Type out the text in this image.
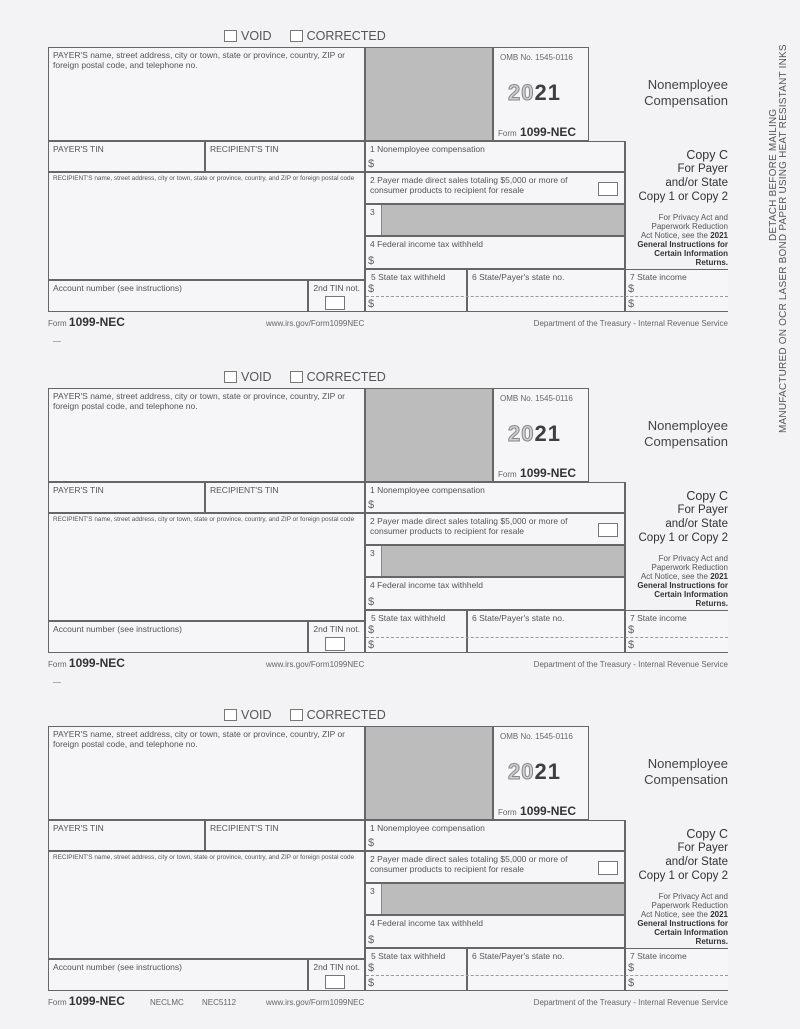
DETACH BEFORE MAILING MANUFACTURED ON OCR LASER BOND PAPER USING HEAT RESISTANT INKS
VOID	CORRECTED
PAYER'S name, street address, city or town, state or province, country, ZIP or foreign postal code, and telephone no.
OMB No. 1545-0116
2021
Form 1099-NEC
Nonemployee
Compensation
PAYER'S TIN	RECIPIENT'S TIN	1 Nonemployee compensation
$
RECIPIENT'S name, street address, city or town, state or province, country, and ZIP or foreign postal code	2 Payer made direct sales totaling $5,000 or more of consumer products to recipient for resale
3
4 Federal income tax withheld
$
Copy C
For Payer
and/or State
Copy 1 or Copy 2
For Privacy Act and
Paperwork Reduction
Act Notice, see the 2021
General Instructions for
Certain Information
Returns.
Account number (see instructions)	2nd TIN not.
5 State tax withheld
$
$
6 State/Payer's state no.	7 State income
$
$
Form 1099-NEC	www.irs.gov/Form1099NEC	Department of the Treasury - Internal Revenue Service
VOID	CORRECTED
PAYER'S name, street address, city or town, state or province, country, ZIP or foreign postal code, and telephone no.
OMB No. 1545-0116
2021
Form 1099-NEC
Nonemployee
Compensation
PAYER'S TIN	RECIPIENT'S TIN	1 Nonemployee compensation
$
RECIPIENT'S name, street address, city or town, state or province, country, and ZIP or foreign postal code	2 Payer made direct sales totaling $5,000 or more of consumer products to recipient for resale
3
4 Federal income tax withheld
$
Copy C
For Payer
and/or State
Copy 1 or Copy 2
For Privacy Act and
Paperwork Reduction
Act Notice, see the 2021
General Instructions for
Certain Information
Returns.
Account number (see instructions)	2nd TIN not.
5 State tax withheld
$
$
6 State/Payer's state no.	7 State income
$
$
Form 1099-NEC	www.irs.gov/Form1099NEC	Department of the Treasury - Internal Revenue Service
VOID	CORRECTED
PAYER'S name, street address, city or town, state or province, country, ZIP or foreign postal code, and telephone no.
OMB No. 1545-0116
2021
Form 1099-NEC
Nonemployee
Compensation
PAYER'S TIN	RECIPIENT'S TIN	1 Nonemployee compensation
$
RECIPIENT'S name, street address, city or town, state or province, country, and ZIP or foreign postal code	2 Payer made direct sales totaling $5,000 or more of consumer products to recipient for resale
3
4 Federal income tax withheld
$
Copy C
For Payer
and/or State
Copy 1 or Copy 2
For Privacy Act and
Paperwork Reduction
Act Notice, see the 2021
General Instructions for
Certain Information
Returns.
Account number (see instructions)	2nd TIN not.
5 State tax withheld
$
$
6 State/Payer's state no.	7 State income
$
$
Form 1099-NEC	www.irs.gov/Form1099NEC	Department of the Treasury - Internal Revenue Service
NECLMC NEC5112
